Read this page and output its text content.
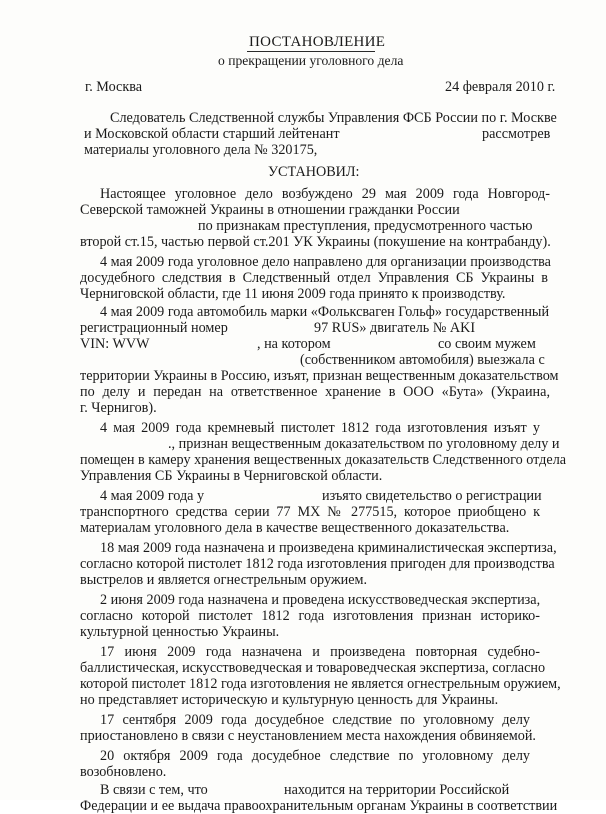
ПОСТАНОВЛЕНИЕ
о прекращении уголовного дела
г. Москва	24 февраля 2010 г.
Следователь Следственной службы Управления ФСБ России по г. Москве
и Московской области старший лейтенант	рассмотрев
материалы уголовного дела № 320175,
УСТАНОВИЛ:
Настоящее уголовное дело возбуждено 29 мая 2009 года Новгород-
Северской таможней Украины в отношении гражданки России
по признакам преступления, предусмотренного частью
второй ст.15, частью первой ст.201 УК Украины (покушение на контрабанду).
4 мая 2009 года уголовное дело направлено для организации производства
досудебного следствия в Следственный отдел Управления СБ Украины в
Черниговской области, где 11 июня 2009 года принято к производству.
4 мая 2009 года автомобиль марки «Фольксваген Гольф» государственный
регистрационный номер	97 RUS» двигатель № AKI
VIN: WVW	, на котором	со своим мужем
(собственником автомобиля) выезжала с
территории Украины в Россию, изъят, признан вещественным доказательством
по делу и передан на ответственное хранение в ООО «Бута» (Украина,
г. Чернигов).
4 мая 2009 года кремневый пистолет 1812 года изготовления изъят у
., признан вещественным доказательством по уголовному делу и
помещен в камеру хранения вещественных доказательств Следственного отдела
Управления СБ Украины в Черниговской области.
4 мая 2009 года у	изъято свидетельство о регистрации
транспортного средства серии 77 МХ № 277515, которое приобщено к
материалам уголовного дела в качестве вещественного доказательства.
18 мая 2009 года назначена и произведена криминалистическая экспертиза,
согласно которой пистолет 1812 года изготовления пригоден для производства
выстрелов и является огнестрельным оружием.
2 июня 2009 года назначена и проведена искусствоведческая экспертиза,
согласно которой пистолет 1812 года изготовления признан историко-
культурной ценностью Украины.
17 июня 2009 года назначена и произведена повторная судебно-
баллистическая, искусствоведческая и товароведческая экспертиза, согласно
которой пистолет 1812 года изготовления не является огнестрельным оружием,
но представляет историческую и культурную ценность для Украины.
17 сентября 2009 года досудебное следствие по уголовному делу
приостановлено в связи с неустановлением места нахождения обвиняемой.
20 октября 2009 года досудебное следствие по уголовному делу
возобновлено.
В связи с тем, что	находится на территории Российской
Федерации и ее выдача правоохранительным органам Украины в соответствии
